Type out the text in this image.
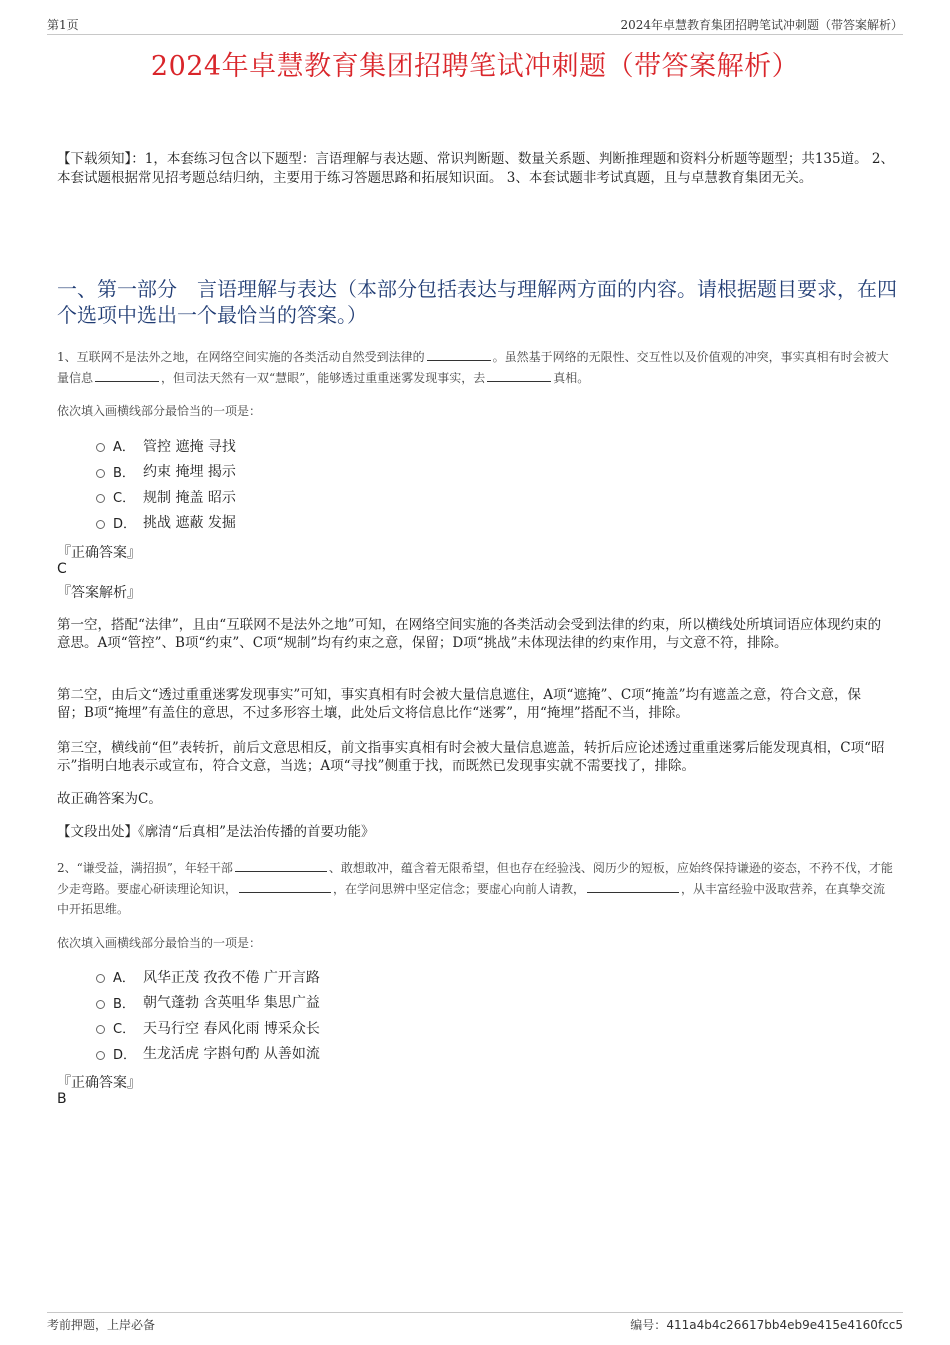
第1页	2024年卓慧教育集团招聘笔试冲刺题（带答案解析）
2024年卓慧教育集团招聘笔试冲刺题（带答案解析）
【下载须知】：1，本套练习包含以下题型：言语理解与表达题、常识判断题、数量关系题、判断推理题和资料分析题等题型；共135道。 2、本套试题根据常见招考题总结归纳，主要用于练习答题思路和拓展知识面。 3、本套试题非考试真题，且与卓慧教育集团无关。
一、第一部分　言语理解与表达（本部分包括表达与理解两方面的内容。请根据题目要求，在四个选项中选出一个最恰当的答案。）
1、互联网不是法外之地，在网络空间实施的各类活动自然受到法律的	。虽然基于网络的无限性、交互性以及价值观的冲突，事实真相有时会被大量信息	，但司法天然有一双“慧眼”，能够透过重重迷雾发现事实，去	真相。
依次填入画横线部分最恰当的一项是：
A． 管控 遮掩 寻找
B． 约束 掩埋 揭示
C． 规制 掩盖 昭示
D． 挑战 遮蔽 发掘
『正确答案』
C
『答案解析』
第一空，搭配“法律”，且由“互联网不是法外之地”可知，在网络空间实施的各类活动会受到法律的约束，所以横线处所填词语应体现约束的意思。A项“管控”、B项“约束”、C项“规制”均有约束之意，保留；D项“挑战”未体现法律的约束作用，与文意不符，排除。
第二空，由后文“透过重重迷雾发现事实”可知，事实真相有时会被大量信息遮住，A项“遮掩”、C项“掩盖”均有遮盖之意，符合文意，保留；B项“掩埋”有盖住的意思，不过多形容土壤，此处后文将信息比作“迷雾”，用“掩埋”搭配不当，排除。
第三空，横线前“但”表转折，前后文意思相反，前文指事实真相有时会被大量信息遮盖，转折后应论述透过重重迷雾后能发现真相，C项“昭示”指明白地表示或宣布，符合文意，当选；A项“寻找”侧重于找，而既然已发现事实就不需要找了，排除。
故正确答案为C。
【文段出处】《廓清“后真相”是法治传播的首要功能》
2、“谦受益，满招损”，年轻干部	、敢想敢冲，蕴含着无限希望，但也存在经验浅、阅历少的短板，应始终保持谦逊的姿态，不矜不伐，才能少走弯路。要虚心研读理论知识，	，在学问思辨中坚定信念；要虚心向前人请教，	，从丰富经验中汲取营养，在真挚交流中开拓思维。
依次填入画横线部分最恰当的一项是：
A． 风华正茂 孜孜不倦 广开言路
B． 朝气蓬勃 含英咀华 集思广益
C． 天马行空 春风化雨 博采众长
D． 生龙活虎 字斟句酌 从善如流
『正确答案』
B
考前押题，上岸必备	编号：411a4b4c26617bb4eb9e415e4160fcc5
